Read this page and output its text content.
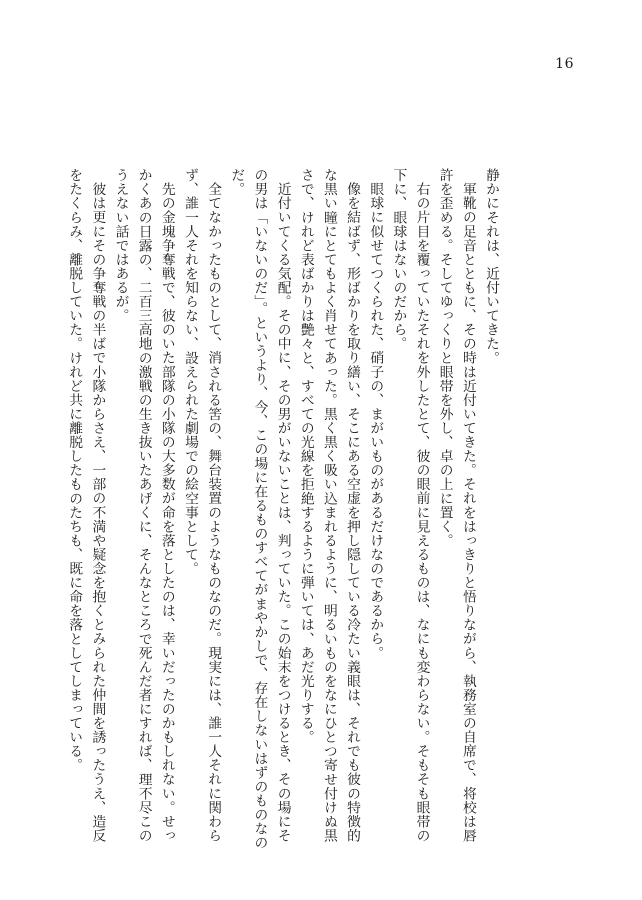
16

静かにそれは、近付いてきた。

軍靴の足音とともに、その時は近付いてきた。それをはっきりと悟りながら、執務室の自席で、将校は唇許を歪める。そしてゆっくりと眼帯を外し、卓の上に置く。

右の片目を覆っていたそれを外したとて、彼の眼前に見えるものは、なにも変わらない。そもそも眼帯の下に、眼球はないのだから。

眼球に似せてつくられた、硝子の、まがいものがあるだけなのであるから。

像を結ばず、形ばかりを取り繕い、そこにある空虚を押し隠している冷たい義眼は、それでも彼の特徴的な黒い瞳にとてもよく肖せてあった。黒く黒く吸い込まれるように、明るいものをなにひとつ寄せ付けぬ黒さで、けれど表ばかりは艶々と、すべての光線を拒絶するように弾いては、あだ光りする。

近付いてくる気配。その中に、その男がいないことは、判っていた。この始末をつけるとき、その場にその男は「いないのだ」。というより、今、この場に在るものすべてがまやかしで、存在しないはずのものなのだ。

全てなかったものとして、消される筈の、舞台装置のようなものなのだ。現実には、誰一人それに関わらず、誰一人それを知らない、設えられた劇場での絵空事として。

先の金塊争奪戦で、彼のいた部隊の小隊の大多数が命を落としたのは、幸いだったのかもしれない。せっかくあの日露の、二百三高地の激戦の生き抜いたあげくに、そんなところで死んだ者にすれば、理不尽このうえない話ではあるが。

彼は更にその争奪戦の半ばで小隊からさえ、一部の不満や疑念を抱くとみられた仲間を誘ったうえ、造反をたくらみ、離脱していた。けれど共に離脱したものたちも、既に命を落としてしまっている。
